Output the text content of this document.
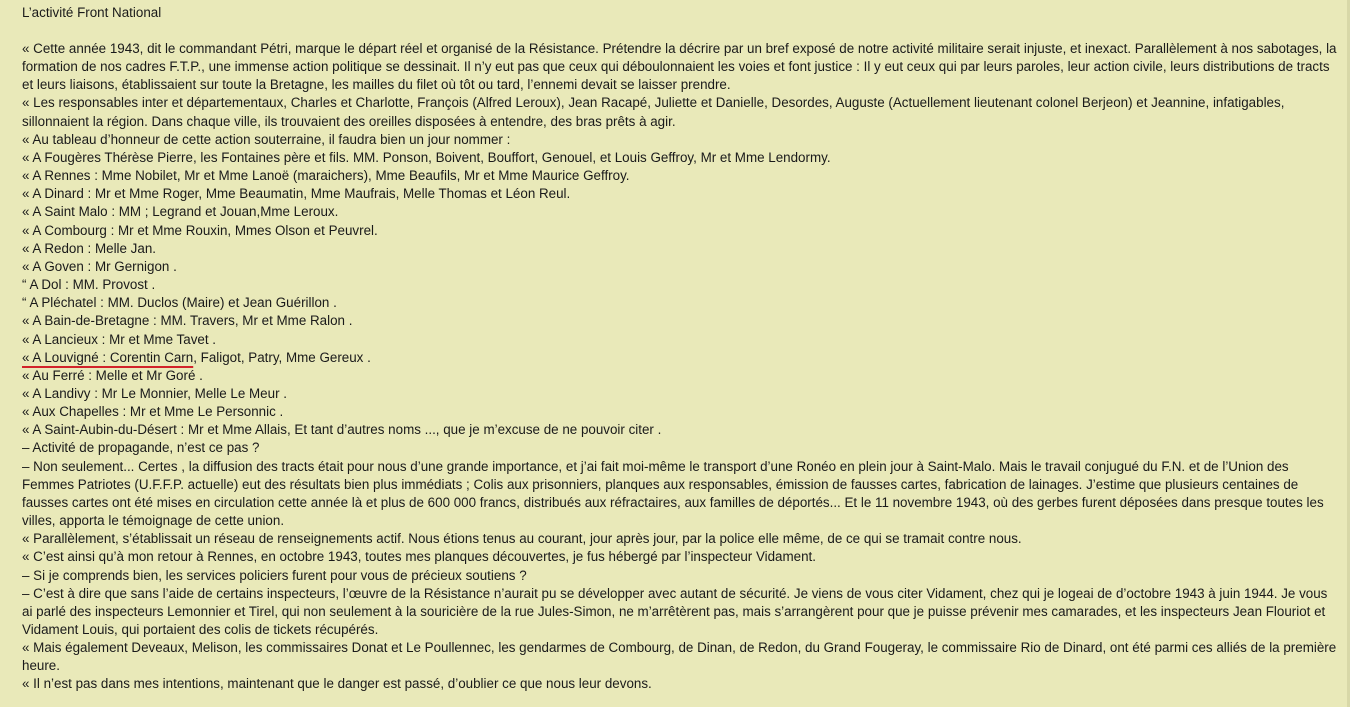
L’activité Front National

« Cette année 1943, dit le commandant Pétri, marque le départ réel et organisé de la Résistance. Prétendre la décrire par un bref exposé de notre activité militaire serait injuste, et inexact. Parallèlement à nos sabotages, la formation de nos cadres F.T.P., une immense action politique se dessinait. Il n’y eut pas que ceux qui déboulonnaient les voies et font justice : Il y eut ceux qui par leurs paroles, leur action civile, leurs distributions de tracts et leurs liaisons, établissaient sur toute la Bretagne, les mailles du filet où tôt ou tard, l’ennemi devait se laisser prendre.

« Les responsables inter et départementaux, Charles et Charlotte, François (Alfred Leroux), Jean Racapé, Juliette et Danielle, Desordes, Auguste (Actuellement lieutenant colonel Berjeon) et Jeannine, infatigables, sillonnaient la région. Dans chaque ville, ils trouvaient des oreilles disposées à entendre, des bras prêts à agir.

« Au tableau d’honneur de cette action souterraine, il faudra bien un jour nommer :

« A Fougères Thérèse Pierre, les Fontaines père et fils. MM. Ponson, Boivent, Bouffort, Genouel, et Louis Geffroy, Mr et Mme Lendormy.

« A Rennes : Mme Nobilet, Mr et Mme Lanoë (maraichers), Mme Beaufils, Mr et Mme Maurice Geffroy.

« A Dinard : Mr et Mme Roger, Mme Beaumatin, Mme Maufrais, Melle Thomas et Léon Reul.

« A Saint Malo : MM ; Legrand et Jouan,Mme Leroux.

« A Combourg : Mr et Mme Rouxin, Mmes Olson et Peuvrel.

« A Redon : Melle Jan.

« A Goven : Mr Gernigon .

“ A Dol : MM. Provost .

“ A Pléchatel : MM. Duclos (Maire) et Jean Guérillon .

« A Bain-de-Bretagne : MM. Travers, Mr et Mme Ralon .

« A Lancieux : Mr et Mme Tavet .

« A Louvigné : Corentin Carn, Faligot, Patry, Mme Gereux .

« Au Ferré : Melle et Mr Goré .

« A Landivy : Mr Le Monnier, Melle Le Meur .

« Aux Chapelles : Mr et Mme Le Personnic .

« A Saint-Aubin-du-Désert : Mr et Mme Allais, Et tant d’autres noms ..., que je m’excuse de ne pouvoir citer .

– Activité de propagande, n’est ce pas ?

– Non seulement... Certes , la diffusion des tracts était pour nous d’une grande importance, et j’ai fait moi-même le transport d’une Ronéo en plein jour à Saint-Malo. Mais le travail conjugué du F.N. et de l’Union des Femmes Patriotes (U.F.F.P. actuelle) eut des résultats bien plus immédiats ; Colis aux prisonniers, planques aux responsables, émission de fausses cartes, fabrication de lainages. J’estime que plusieurs centaines de fausses cartes ont été mises en circulation cette année là et plus de 600 000 francs, distribués aux réfractaires, aux familles de déportés... Et le 11 novembre 1943, où des gerbes furent déposées dans presque toutes les villes, apporta le témoignage de cette union.

« Parallèlement, s’établissait un réseau de renseignements actif. Nous étions tenus au courant, jour après jour, par la police elle même, de ce qui se tramait contre nous.

« C’est ainsi qu’à mon retour à Rennes, en octobre 1943, toutes mes planques découvertes, je fus hébergé par l’inspecteur Vidament.

– Si je comprends bien, les services policiers furent pour vous de précieux soutiens ?

– C’est à dire que sans l’aide de certains inspecteurs, l’œuvre de la Résistance n’aurait pu se développer avec autant de sécurité. Je viens de vous citer Vidament, chez qui je logeai de d’octobre 1943 à juin 1944. Je vous ai parlé des inspecteurs Lemonnier et Tirel, qui non seulement à la souricière de la rue Jules-Simon, ne m’arrêtèrent pas, mais s’arrangèrent pour que je puisse prévenir mes camarades, et les inspecteurs Jean Flouriot et Vidament Louis, qui portaient des colis de tickets récupérés.

« Mais également Deveaux, Melison, les commissaires Donat et Le Poullennec, les gendarmes de Combourg, de Dinan, de Redon, du Grand Fougeray, le commissaire Rio de Dinard, ont été parmi ces alliés de la première heure.

« Il n’est pas dans mes intentions, maintenant que le danger est passé, d’oublier ce que nous leur devons.
